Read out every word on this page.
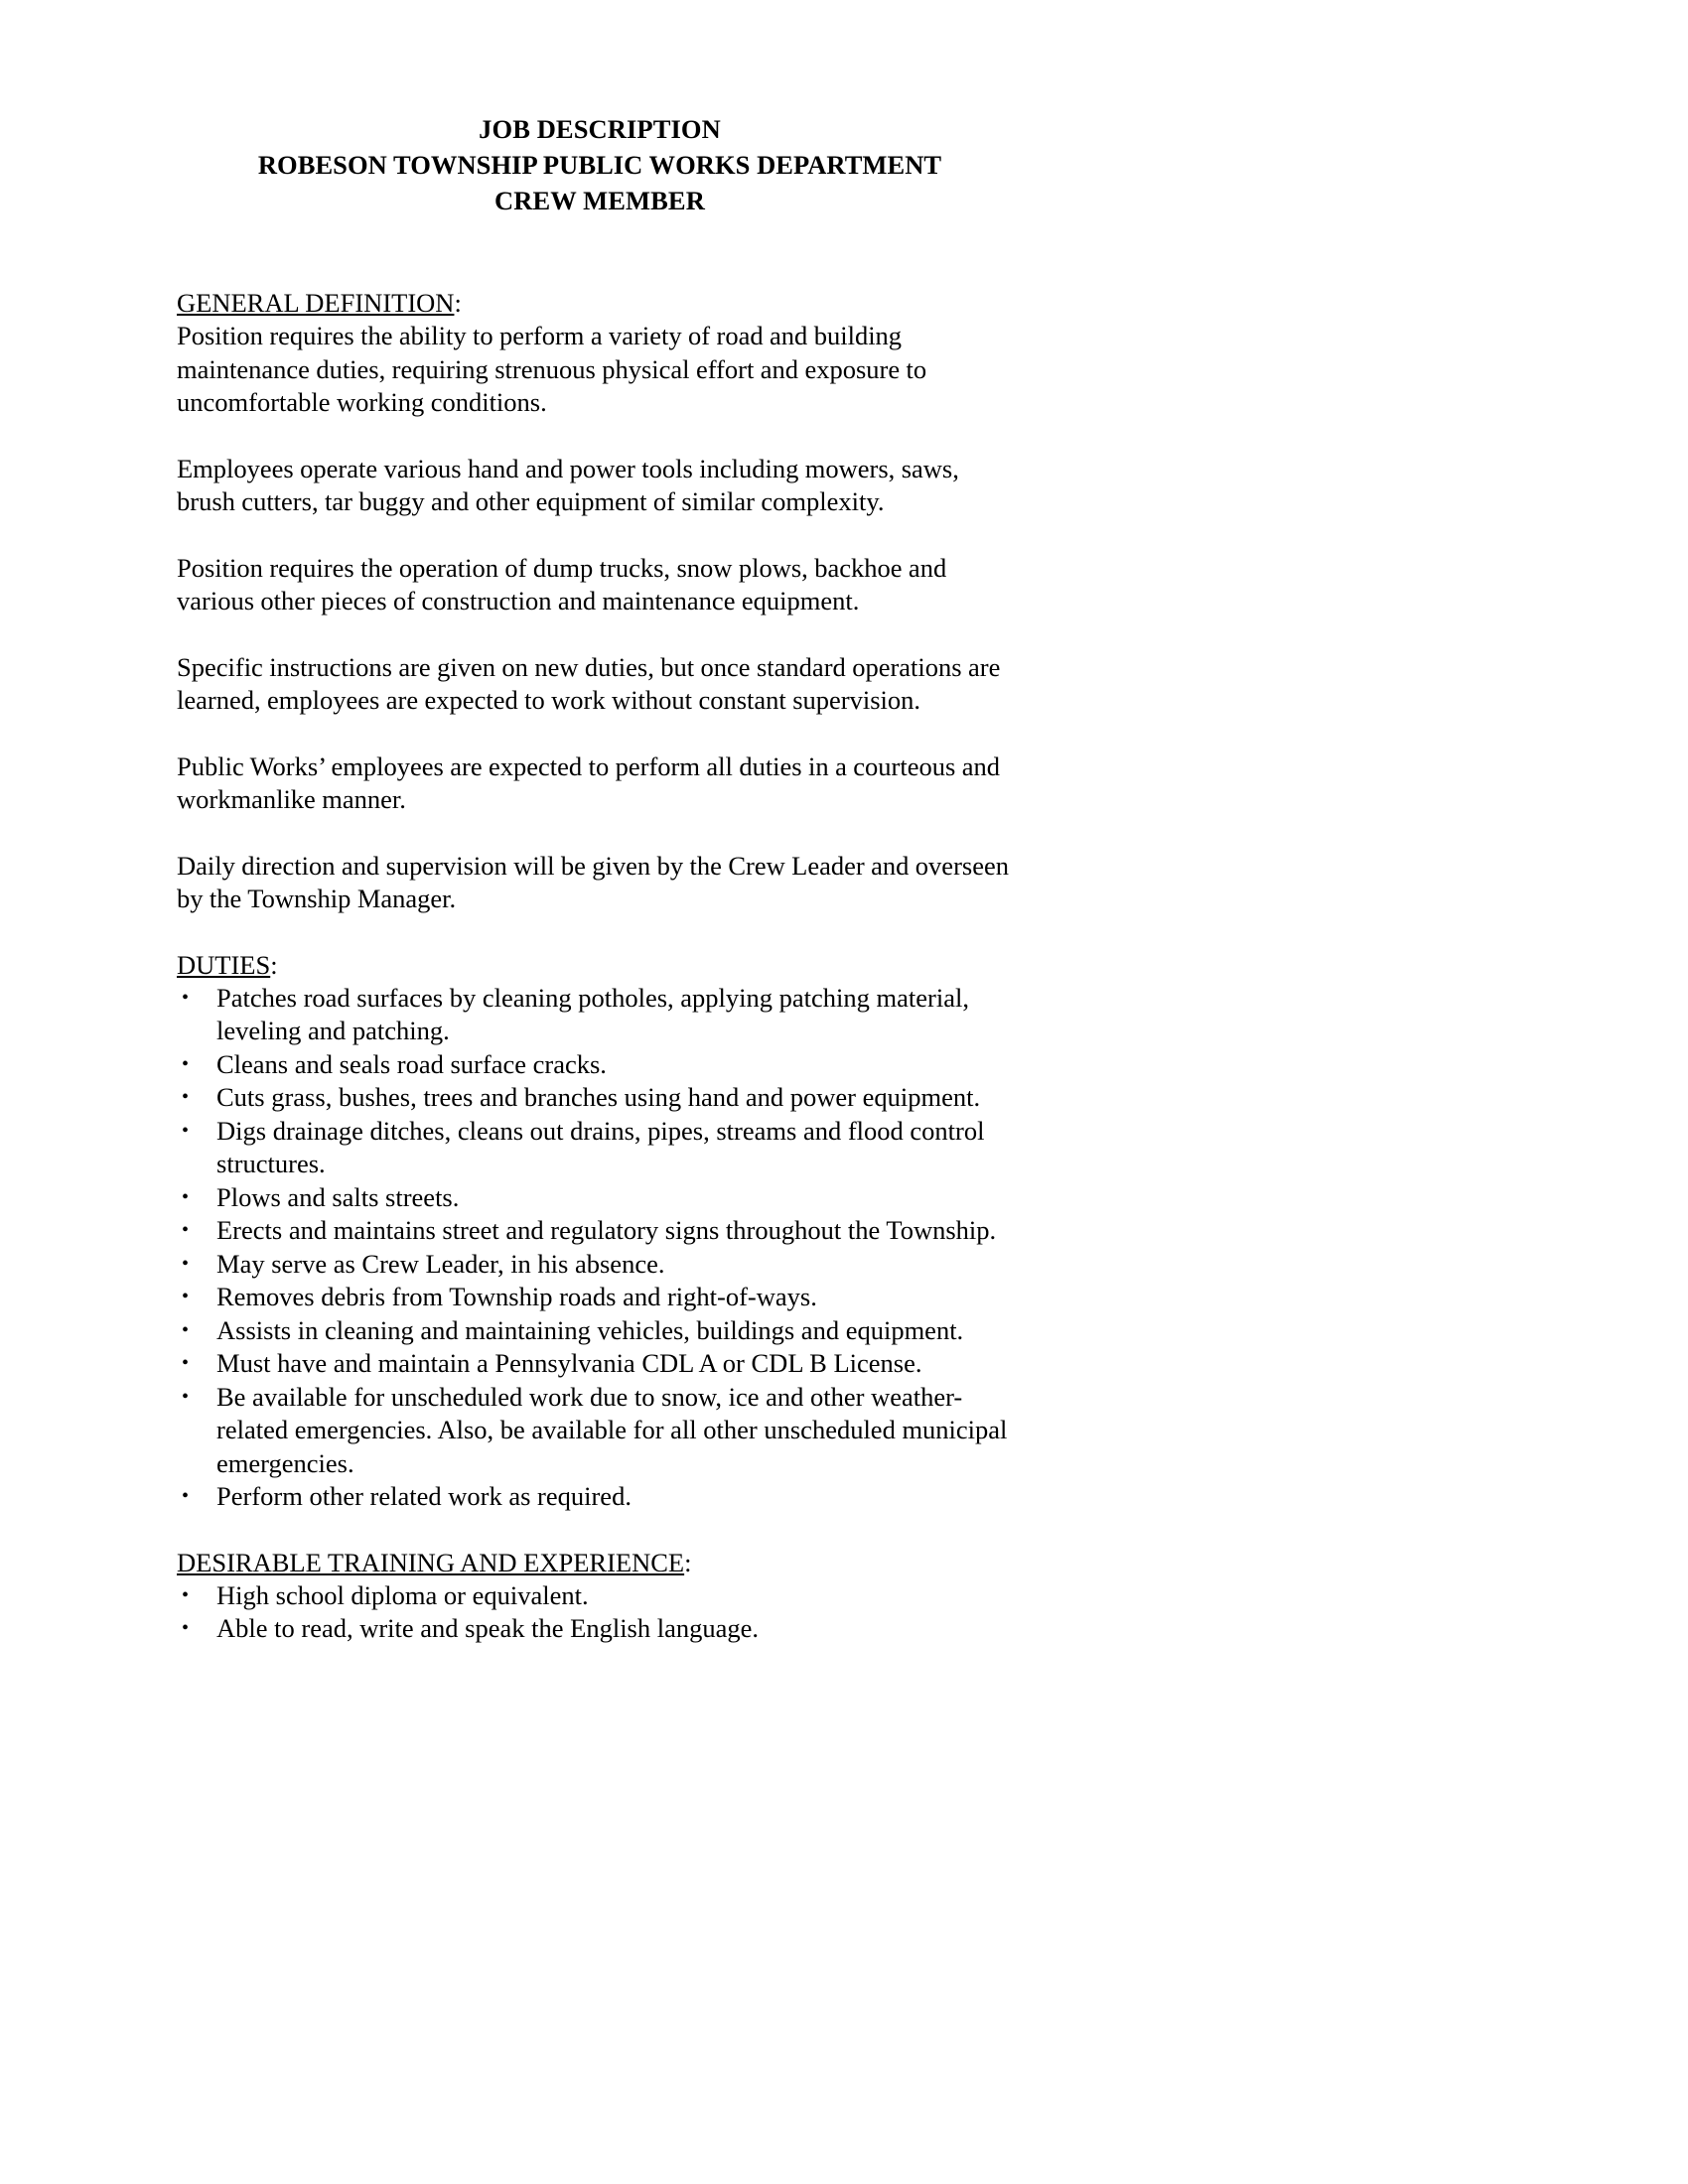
JOB DESCRIPTION
ROBESON TOWNSHIP PUBLIC WORKS DEPARTMENT
CREW MEMBER
GENERAL DEFINITION:

Position requires the ability to perform a variety of road and building maintenance duties, requiring strenuous physical effort and exposure to uncomfortable working conditions.

Employees operate various hand and power tools including mowers, saws, brush cutters, tar buggy and other equipment of similar complexity.

Position requires the operation of dump trucks, snow plows, backhoe and various other pieces of construction and maintenance equipment.

Specific instructions are given on new duties, but once standard operations are learned, employees are expected to work without constant supervision.

Public Works’ employees are expected to perform all duties in a courteous and workmanlike manner.

Daily direction and supervision will be given by the Crew Leader and overseen by the Township Manager.

DUTIES:
• Patches road surfaces by cleaning potholes, applying patching material, leveling and patching.
• Cleans and seals road surface cracks.
• Cuts grass, bushes, trees and branches using hand and power equipment.
• Digs drainage ditches, cleans out drains, pipes, streams and flood control structures.
• Plows and salts streets.
• Erects and maintains street and regulatory signs throughout the Township.
• May serve as Crew Leader, in his absence.
• Removes debris from Township roads and right-of-ways.
• Assists in cleaning and maintaining vehicles, buildings and equipment.
• Must have and maintain a Pennsylvania CDL A or CDL B License.
• Be available for unscheduled work due to snow, ice and other weather-related emergencies. Also, be available for all other unscheduled municipal emergencies.
• Perform other related work as required.
DESIRABLE TRAINING AND EXPERIENCE:
• High school diploma or equivalent.
• Able to read, write and speak the English language.
